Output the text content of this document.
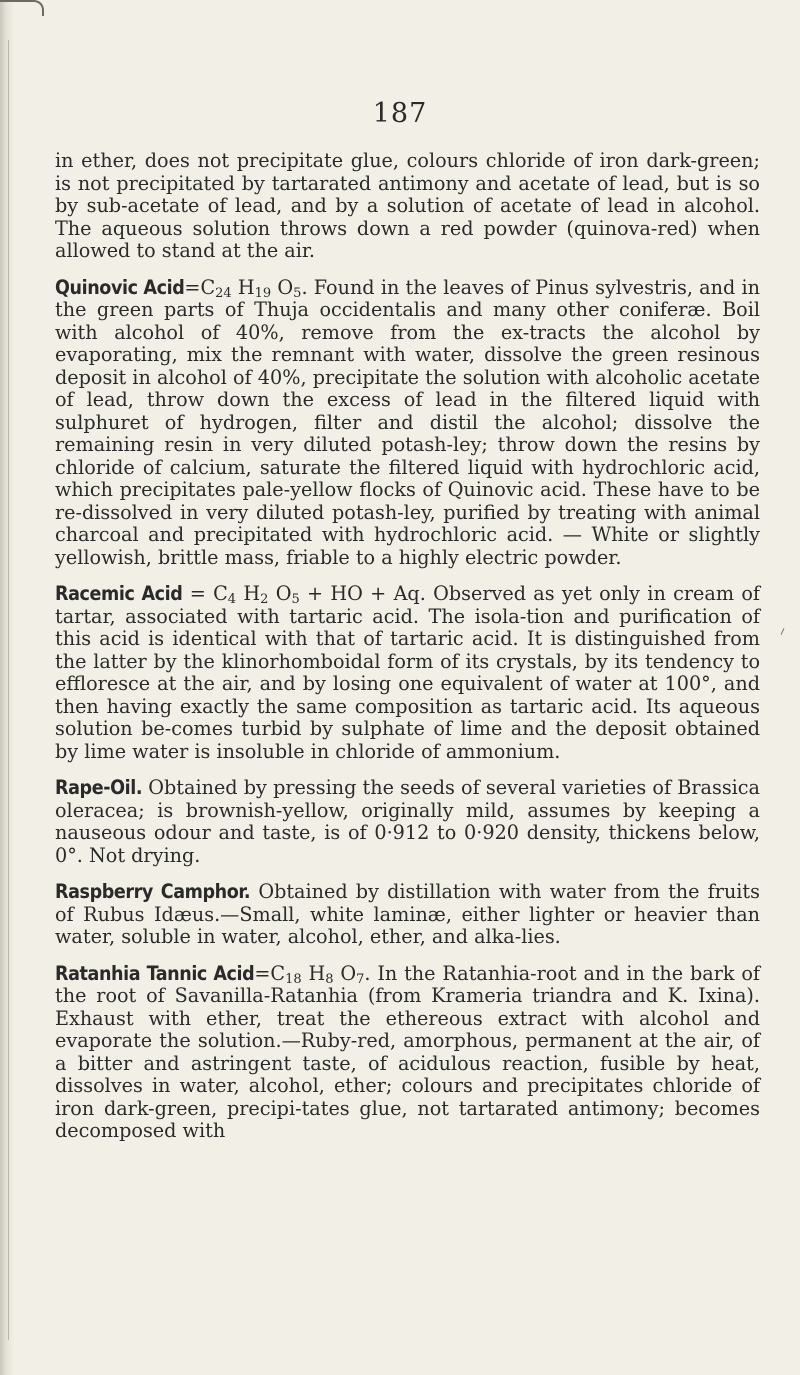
187

in ether, does not precipitate glue, colours chloride of iron dark-green; is not precipitated by tartarated antimony and acetate of lead, but is so by sub-acetate of lead, and by a solution of acetate of lead in alcohol. The aqueous solution throws down a red powder (quinova-red) when allowed to stand at the air.

Quinovic $Acid=C_{24}$ $H_{19}$ $O_5$. Found in the leaves of Pinus sylvestris, and in the green parts of Thuja occidentalis and many other coniferæ. Boil with alcohol of 40%, remove from the ex-tracts the alcohol by evaporating, mix the remnant with water, dissolve the green resinous deposit in alcohol of 40%, precipitate the solution with alcoholic acetate of lead, throw down the excess of lead in the filtered liquid with sulphuret of hydrogen, filter and distil the alcohol; dissolve the remaining resin in very diluted potash-ley; throw down the resins by chloride of calcium, saturate the filtered liquid with hydrochloric acid, which precipitates pale-yellow flocks of Quinovic acid. These have to be re-dissolved in very diluted potash-ley, purified by treating with animal charcoal and precipitated with hydrochloric acid. — White or slightly yellowish, brittle mass, friable to a highly electric powder.

Racemic Acid = $C_4$ $H_2$ $O_5$ + HO + Aq. Observed as yet only in cream of tartar, associated with tartaric acid. The isola-tion and purification of this acid is identical with that of tartaric acid. It is distinguished from the latter by the klinorhomboidal form of its crystals, by its tendency to effloresce at the air, and by losing one equivalent of water at 100°, and then having exactly the same composition as tartaric acid. Its aqueous solution be-comes turbid by sulphate of lime and the deposit obtained by lime water is insoluble in chloride of ammonium.

Rape-Oil. Obtained by pressing the seeds of several varieties of Brassica oleracea; is brownish-yellow, originally mild, assumes by keeping a nauseous odour and taste, is of 0·912 to 0·920 density, thickens below, 0°. Not drying.

Raspberry Camphor. Obtained by distillation with water from the fruits of Rubus Idæus.—Small, white laminæ, either lighter or heavier than water, soluble in water, alcohol, ether, and alka-lies.

Ratanhia Tannic $Acid=C_{18}$ $H_8$ $O_7$. In the Ratanhia-root and in the bark of the root of Savanilla-Ratanhia (from Krameria triandra and K. Ixina). Exhaust with ether, treat the ethereous extract with alcohol and evaporate the solution.—Ruby-red, amorphous, permanent at the air, of a bitter and astringent taste, of acidulous reaction, fusible by heat, dissolves in water, alcohol, ether; colours and precipitates chloride of iron dark-green, precipi-tates glue, not tartarated antimony; becomes decomposed with
